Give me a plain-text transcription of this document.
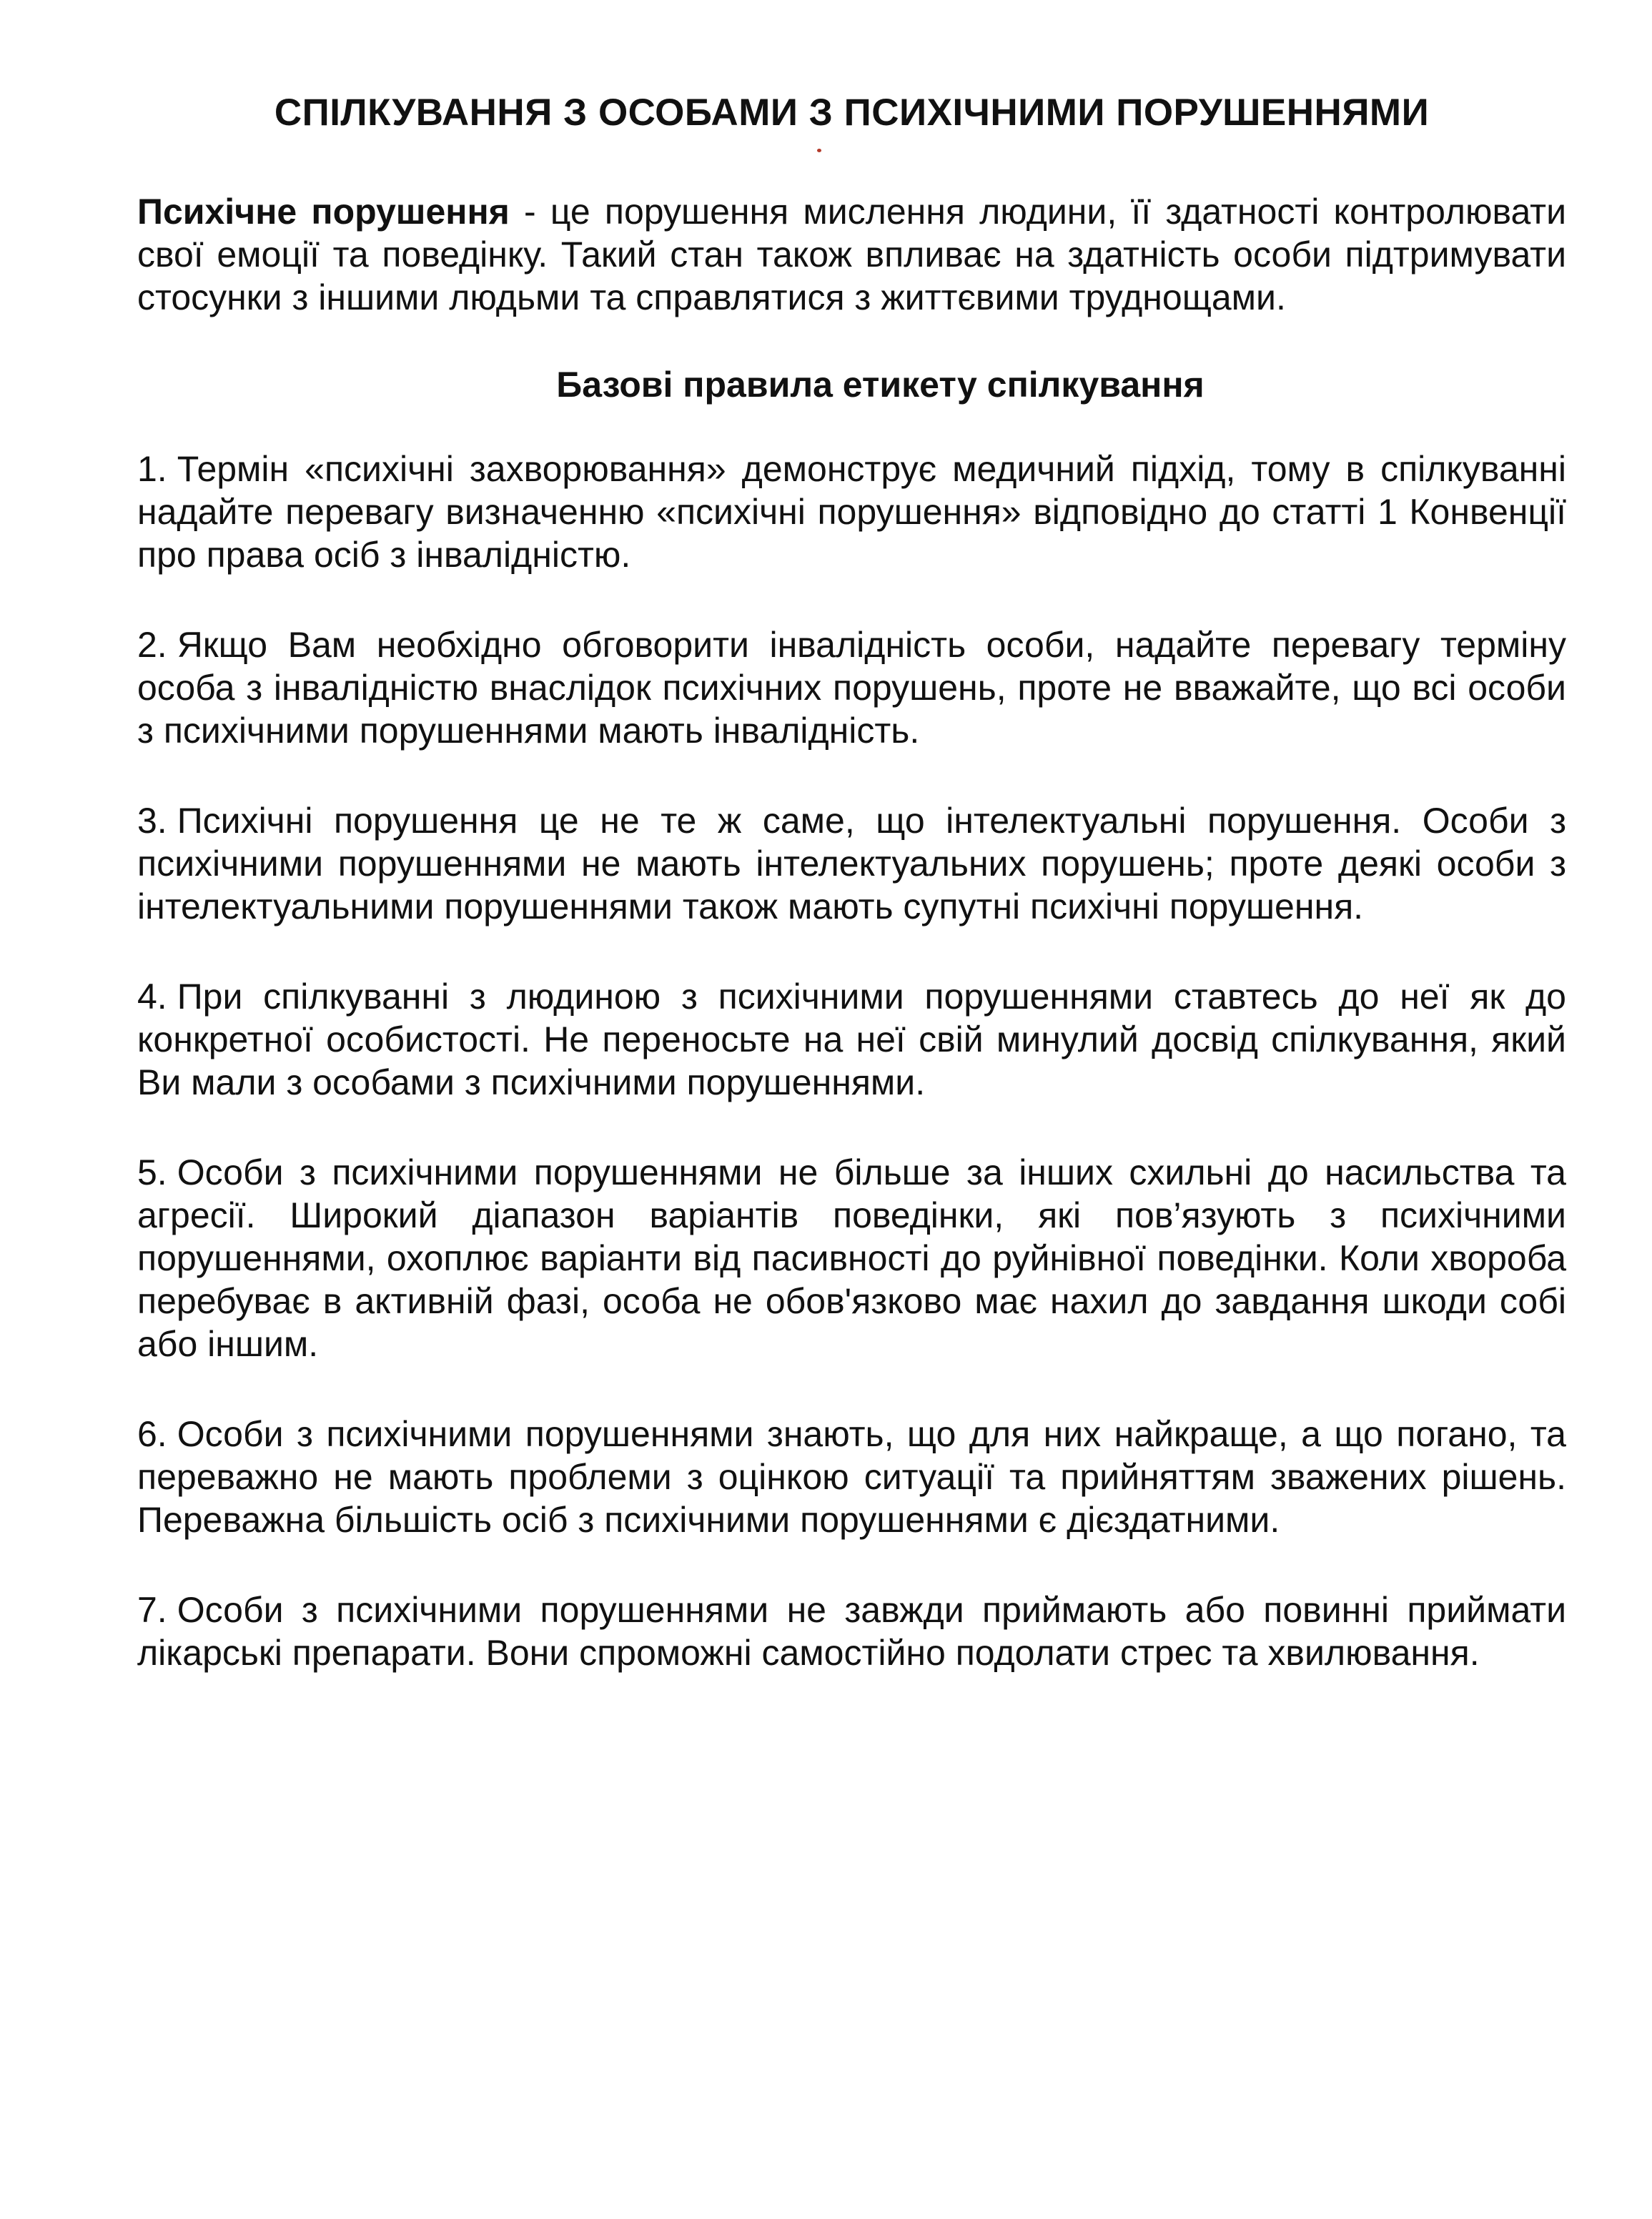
СПІЛКУВАННЯ З ОСОБАМИ З ПСИХІЧНИМИ ПОРУШЕННЯМИ

Психічне порушення - це порушення мислення людини, її здатності контролювати свої емоції та поведінку. Такий стан також впливає на здатність особи підтримувати стосунки з іншими людьми та справлятися з життєвими труднощами.

Базові правила етикету спілкування
1. Термін «психічні захворювання» демонструє медичний підхід, тому в спілкуванні надайте перевагу визначенню «психічні порушення» відповідно до статті 1 Конвенції про права осіб з інвалідністю.
2. Якщо Вам необхідно обговорити інвалідність особи, надайте перевагу терміну особа з інвалідністю внаслідок психічних порушень, проте не вважайте, що всі особи з психічними порушеннями мають інвалідність.
3. Психічні порушення це не те ж саме, що інтелектуальні порушення. Особи з психічними порушеннями не мають інтелектуальних порушень; проте деякі особи з інтелектуальними порушеннями також мають супутні психічні порушення.
4. При спілкуванні з людиною з психічними порушеннями ставтесь до неї як до конкретної особистості. Не переносьте на неї свій минулий досвід спілкування, який Ви мали з особами з психічними порушеннями.
5. Особи з психічними порушеннями не більше за інших схильні до насильства та агресії. Широкий діапазон варіантів поведінки, які пов’язують з психічними порушеннями, охоплює варіанти від пасивності до руйнівної поведінки. Коли хвороба перебуває в активній фазі, особа не обов'язково має нахил до завдання шкоди собі або іншим.
6. Особи з психічними порушеннями знають, що для них найкраще, а що погано, та переважно не мають проблеми з оцінкою ситуації та прийняттям зважених рішень. Переважна більшість осіб з психічними порушеннями є дієздатними.
7. Особи з психічними порушеннями не завжди приймають або повинні приймати лікарські препарати. Вони спроможні самостійно подолати стрес та хвилювання.
